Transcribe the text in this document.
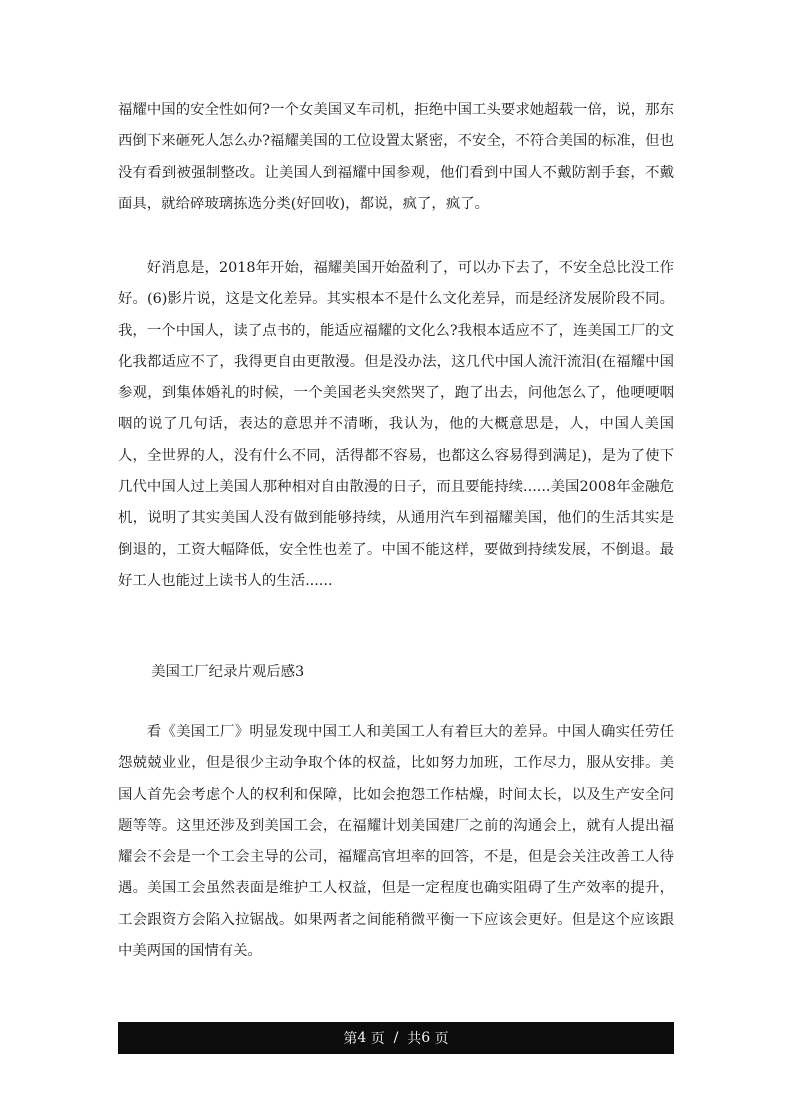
福耀中国的安全性如何?一个女美国叉车司机，拒绝中国工头要求她超载一倍，说，那东西倒下来砸死人怎么办?福耀美国的工位设置太紧密，不安全，不符合美国的标准，但也没有看到被强制整改。让美国人到福耀中国参观，他们看到中国人不戴防割手套，不戴面具，就给碎玻璃拣选分类(好回收)，都说，疯了，疯了。

好消息是，2018年开始，福耀美国开始盈利了，可以办下去了，不安全总比没工作好。(6)影片说，这是文化差异。其实根本不是什么文化差异，而是经济发展阶段不同。我，一个中国人，读了点书的，能适应福耀的文化么?我根本适应不了，连美国工厂的文化我都适应不了，我得更自由更散漫。但是没办法，这几代中国人流汗流泪(在福耀中国参观，到集体婚礼的时候，一个美国老头突然哭了，跑了出去，问他怎么了，他哽哽咽咽的说了几句话，表达的意思并不清晰，我认为，他的大概意思是，人，中国人美国人，全世界的人，没有什么不同，活得都不容易，也都这么容易得到满足)，是为了使下几代中国人过上美国人那种相对自由散漫的日子，而且要能持续......美国2008年金融危机，说明了其实美国人没有做到能够持续，从通用汽车到福耀美国，他们的生活其实是倒退的，工资大幅降低，安全性也差了。中国不能这样，要做到持续发展，不倒退。最好工人也能过上读书人的生活......

美国工厂纪录片观后感3

看《美国工厂》明显发现中国工人和美国工人有着巨大的差异。中国人确实任劳任怨兢兢业业，但是很少主动争取个体的权益，比如努力加班，工作尽力，服从安排。美国人首先会考虑个人的权利和保障，比如会抱怨工作枯燥，时间太长，以及生产安全问题等等。这里还涉及到美国工会，在福耀计划美国建厂之前的沟通会上，就有人提出福耀会不会是一个工会主导的公司，福耀高官坦率的回答，不是，但是会关注改善工人待遇。美国工会虽然表面是维护工人权益，但是一定程度也确实阻碍了生产效率的提升，工会跟资方会陷入拉锯战。如果两者之间能稍微平衡一下应该会更好。但是这个应该跟中美两国的国情有关。

第 4
页
/
共 6
页
